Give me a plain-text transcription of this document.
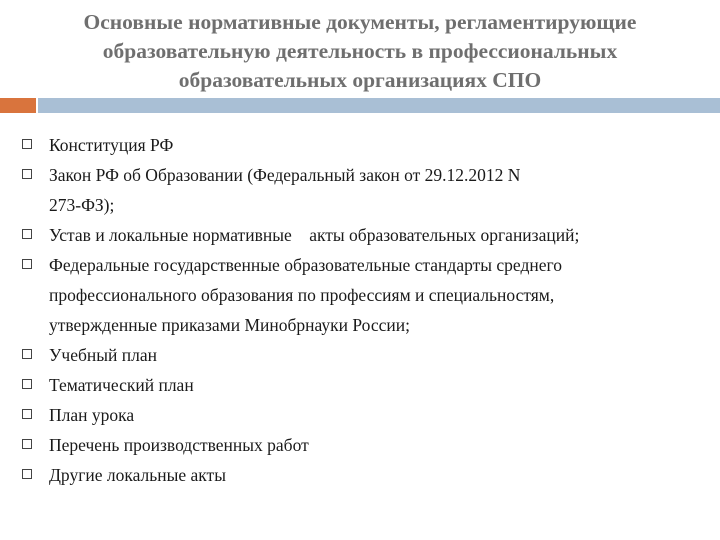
Основные нормативные документы, регламентирующие
образовательную деятельность в профессиональных
образовательных организациях СПО
Конституция РФ
Закон РФ об Образовании (Федеральный закон от 29.12.2012 N
273-ФЗ);
Устав и локальные нормативные    акты образовательных организаций;
Федеральные государственные образовательные стандарты среднего
профессионального образования по профессиям и специальностям,
утвержденные приказами Минобрнауки России;
Учебный план
Тематический план
План урока
Перечень производственных работ
Другие локальные акты
